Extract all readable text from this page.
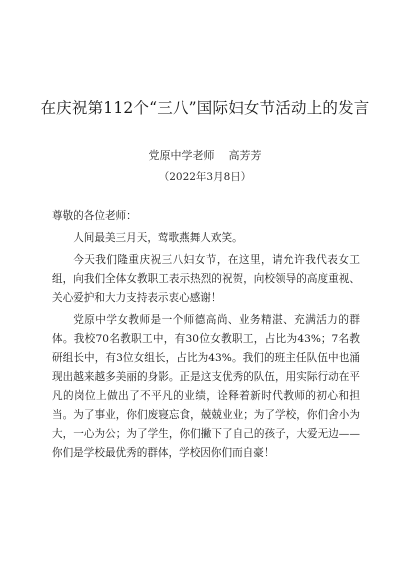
在庆祝第112个“三八”国际妇女节活动上的发言
党原中学老师 高芳芳
（2022年3月8日）

尊敬的各位老师：

人间最美三月天，莺歌燕舞人欢笑。

今天我们隆重庆祝三八妇女节，在这里，请允许我代表女工组，向我们全体女教职工表示热烈的祝贺，向校领导的高度重视、关心爱护和大力支持表示衷心感谢！

党原中学女教师是一个师德高尚、业务精湛、充满活力的群体。我校70名教职工中，有30位女教职工，占比为43%；7名教研组长中，有3位女组长，占比为43%。我们的班主任队伍中也涌现出越来越多美丽的身影。正是这支优秀的队伍，用实际行动在平凡的岗位上做出了不平凡的业绩，诠释着新时代教师的初心和担当。为了事业，你们废寝忘食，兢兢业业；为了学校，你们舍小为大，一心为公；为了学生，你们撇下了自己的孩子，大爱无边——你们是学校最优秀的群体，学校因你们而自豪！
